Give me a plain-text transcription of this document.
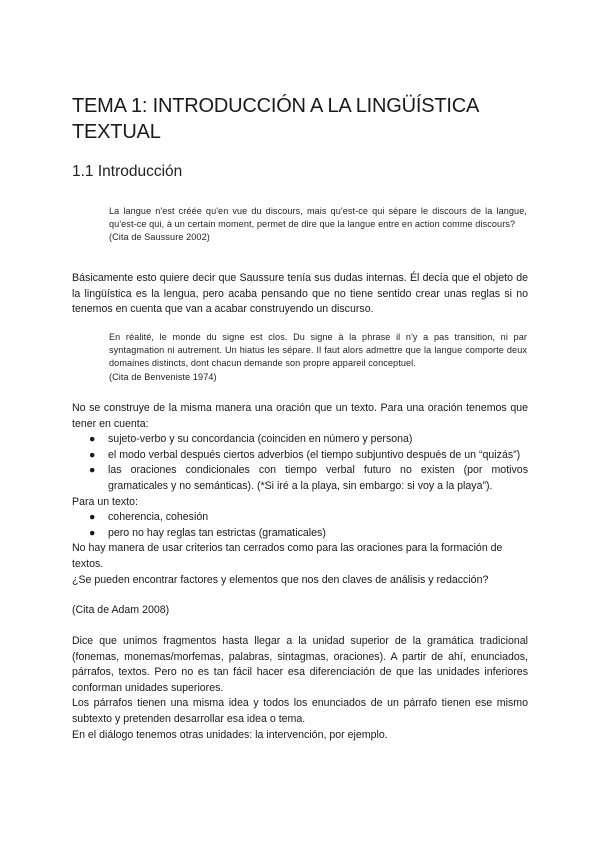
TEMA 1: INTRODUCCIÓN A LA LINGÜÍSTICA TEXTUAL
1.1 Introducción
La langue n'est créée qu'en vue du discours, mais qu'est-ce qui sépare le discours de la langue, qu'est-ce qui, à un certain moment, permet de dire que la langue entre en action comme discours?
(Cita de Saussure 2002)
Básicamente esto quiere decir que Saussure tenía sus dudas internas. Él decía que el objeto de la lingüística es la lengua, pero acaba pensando que no tiene sentido crear unas reglas si no tenemos en cuenta que van a acabar construyendo un discurso.
En réalité, le monde du signe est clos. Du signe à la phrase il n'y a pas transition, ni par syntagmation ni autrement. Un hiatus les sépare. Il faut alors admettre que la langue comporte deux domaines distincts, dont chacun demande son propre appareil conceptuel.
(Cita de Benveniste 1974)

No se construye de la misma manera una oración que un texto. Para una oración tenemos que tener en cuenta:

● sujeto-verbo y su concordancia (coinciden en número y persona)
● el modo verbal después ciertos adverbios (el tiempo subjuntivo después de un “quizás”)
● las oraciones condicionales con tiempo verbal futuro no existen (por motivos gramaticales y no semánticas). (*Si iré a la playa, sin embargo: si voy a la playa”).

Para un texto:

● coherencia, cohesión
● pero no hay reglas tan estrictas (gramaticales)

No hay manera de usar criterios tan cerrados como para las oraciones para la formación de textos.

¿Se pueden encontrar factores y elementos que nos den claves de análisis y redacción?

(Cita de Adam 2008)

Dice que unimos fragmentos hasta llegar a la unidad superior de la gramática tradicional (fonemas, monemas/morfemas, palabras, sintagmas, oraciones). A partir de ahí, enunciados, párrafos, textos. Pero no es tan fácil hacer esa diferenciación de que las unidades inferiores conforman unidades superiores.

Los párrafos tienen una misma idea y todos los enunciados de un párrafo tienen ese mismo subtexto y pretenden desarrollar esa idea o tema.

En el diálogo tenemos otras unidades: la intervención, por ejemplo.
